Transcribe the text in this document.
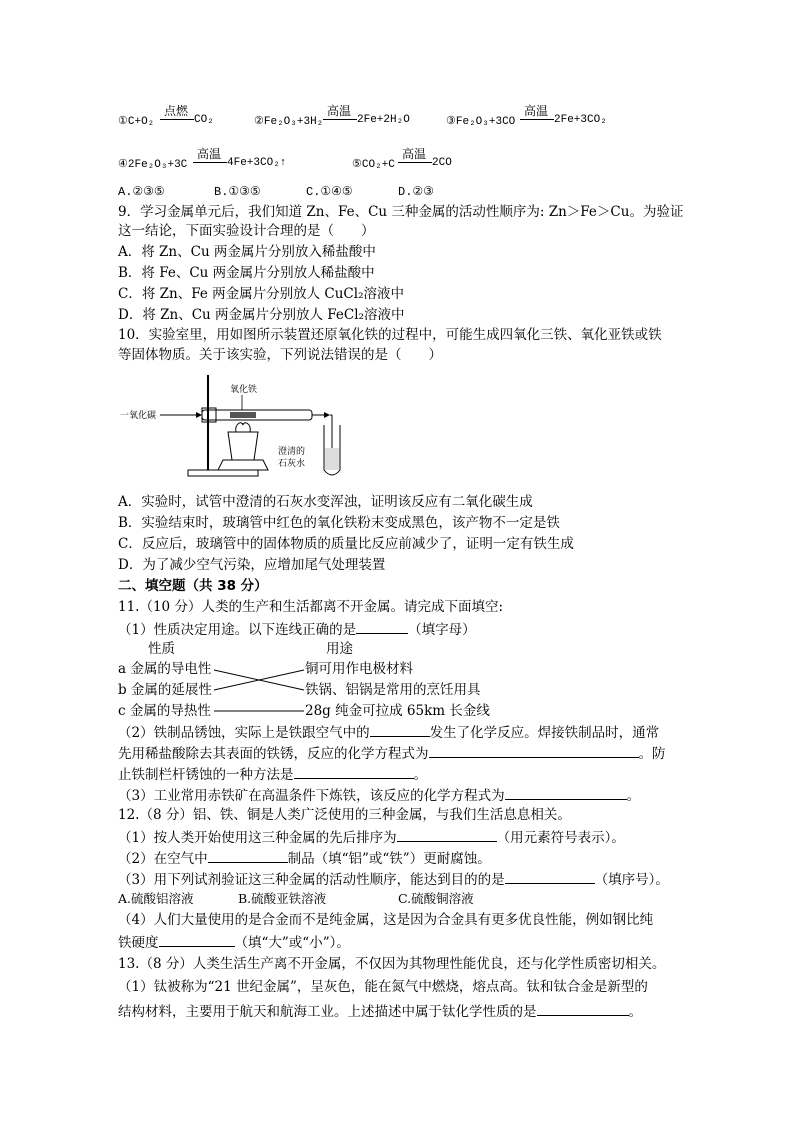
①C+O₂
点燃
CO₂	②Fe₂O₃+3H₂
高温
2Fe+2H₂O	③Fe₂O₃+3CO
高温
2Fe+3CO₂
④2Fe₂O₃+3C
高温
4Fe+3CO₂↑	⑤CO₂+C
高温
2CO
A.②③⑤	B.①③⑤	C.①④⑤	D.②③
9．学习金属单元后，我们知道 Zn、Fe、Cu 三种金属的活动性顺序为: Zn＞Fe＞Cu。为验证
这一结论，下面实验设计合理的是（　　）
A．将 Zn、Cu 两金属片分别放入稀盐酸中
B．将 Fe、Cu 两金属片分别放人稀盐酸中
C．将 Zn、Fe 两金属片分别放人 CuCl₂溶液中
D．将 Zn、Cu 两金属片分别放人 FeCl₂溶液中
10．实验室里，用如图所示装置还原氧化铁的过程中，可能生成四氧化三铁、氧化亚铁或铁
等固体物质。关于该实验，下列说法错误的是（　　）
一氧化碳
氧化铁
澄清的
石灰水
A．实验时，试管中澄清的石灰水变浑浊，证明该反应有二氧化碳生成
B．实验结束时，玻璃管中红色的氧化铁粉末变成黑色，该产物不一定是铁
C．反应后，玻璃管中的固体物质的质量比反应前减少了，证明一定有铁生成
D．为了减少空气污染，应增加尾气处理装置
二、填空题（共 38 分）
11.（10 分）人类的生产和生活都离不开金属。请完成下面填空:
（1）性质决定用途。以下连线正确的是	（填字母）
性质	用途
a 金属的导电性
b 金属的延展性
c 金属的导热性
铜可用作电极材料
铁锅、铝锅是常用的烹饪用具
28g 纯金可拉成 65km 长金线
（2）铁制品锈蚀，实际上是铁跟空气中的	发生了化学反应。焊接铁制品时，通常
先用稀盐酸除去其表面的铁锈，反应的化学方程式为	。防
止铁制栏杆锈蚀的一种方法是	。
（3）工业常用赤铁矿在高温条件下炼铁，该反应的化学方程式为	。
12.（8 分）铝、铁、铜是人类广泛使用的三种金属，与我们生活息息相关。
（1）按人类开始使用这三种金属的先后排序为	（用元素符号表示）。
（2）在空气中	制品（填“铝”或“铁”）更耐腐蚀。
（3）用下列试剂验证这三种金属的活动性顺序，能达到目的的是	（填序号）。
A.硫酸铝溶液	B.硫酸亚铁溶液	C.硫酸铜溶液
（4）人们大量使用的是合金而不是纯金属，这是因为合金具有更多优良性能，例如钢比纯
铁硬度	（填“大”或“小”）。
13.（8 分）人类生活生产离不开金属，不仅因为其物理性能优良，还与化学性质密切相关。
（1）钛被称为“21 世纪金属”，呈灰色，能在氮气中燃烧，熔点高。钛和钛合金是新型的
结构材料，主要用于航天和航海工业。上述描述中属于钛化学性质的是	。
